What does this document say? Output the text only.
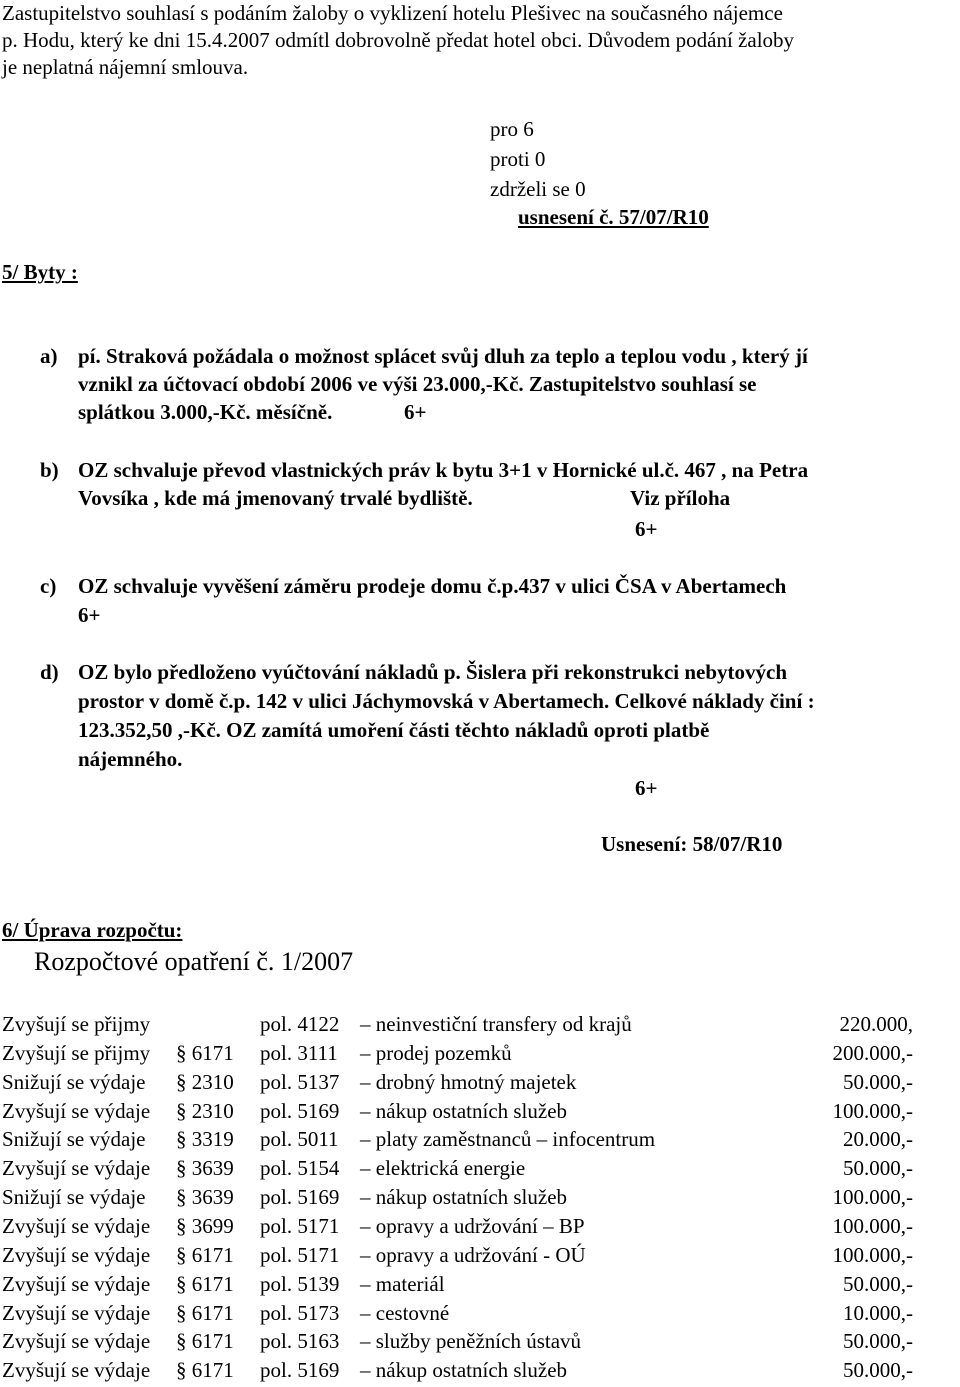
Zastupitelstvo souhlasí s podáním žaloby o vyklizení hotelu Plešivec na současného nájemce
p. Hodu, který ke dni 15.4.2007 odmítl dobrovolně předat hotel obci. Důvodem podání žaloby
je neplatná nájemní smlouva.
pro 6
proti 0
zdrželi se 0
usnesení č. 57/07/R10
5/ Byty :
a) pí. Straková požádala o možnost splácet svůj dluh za teplo a teplou vodu , který jí
vznikl za účtovací období 2006 ve výši 23.000,-Kč. Zastupitelstvo souhlasí se
splátkou 3.000,-Kč. měsíčně.	6+
b) OZ schvaluje převod vlastnických práv k bytu 3+1 v Hornické ul.č. 467 , na Petra
Vovsíka , kde má jmenovaný trvalé bydliště.	Viz příloha
6+
c) OZ schvaluje vyvěšení záměru prodeje domu č.p.437 v ulici ČSA v Abertamech
6+
d) OZ bylo předloženo vyúčtování nákladů p. Šislera při rekonstrukci nebytových
prostor v domě č.p. 142 v ulici Jáchymovská v Abertamech. Celkové náklady činí :
123.352,50 ,-Kč. OZ zamítá umoření části těchto nákladů oproti platbě
nájemného.
6+
Usnesení: 58/07/R10
6/ Úprava rozpočtu:
Rozpočtové opatření č. 1/2007
Zvyšují se přijmy	pol. 4122 – neinvestiční transfery od krajů	220.000,
Zvyšují se přijmy § 6171 pol. 3111 – prodej pozemků	200.000,-
Snižují se výdaje § 2310 pol. 5137 – drobný hmotný majetek	50.000,-
Zvyšují se výdaje § 2310 pol. 5169 – nákup ostatních služeb	100.000,-
Snižují se výdaje § 3319 pol. 5011 – platy zaměstnanců – infocentrum	20.000,-
Zvyšují se výdaje § 3639 pol. 5154 – elektrická energie	50.000,-
Snižují se výdaje § 3639 pol. 5169 – nákup ostatních služeb	100.000,-
Zvyšují se výdaje § 3699 pol. 5171 – opravy a udržování – BP	100.000,-
Zvyšují se výdaje § 6171 pol. 5171 – opravy a udržování - OÚ	100.000,-
Zvyšují se výdaje § 6171 pol. 5139 – materiál	50.000,-
Zvyšují se výdaje § 6171 pol. 5173 – cestovné	10.000,-
Zvyšují se výdaje § 6171 pol. 5163 – služby peněžních ústavů	50.000,-
Zvyšují se výdaje § 6171 pol. 5169 – nákup ostatních služeb	50.000,-
